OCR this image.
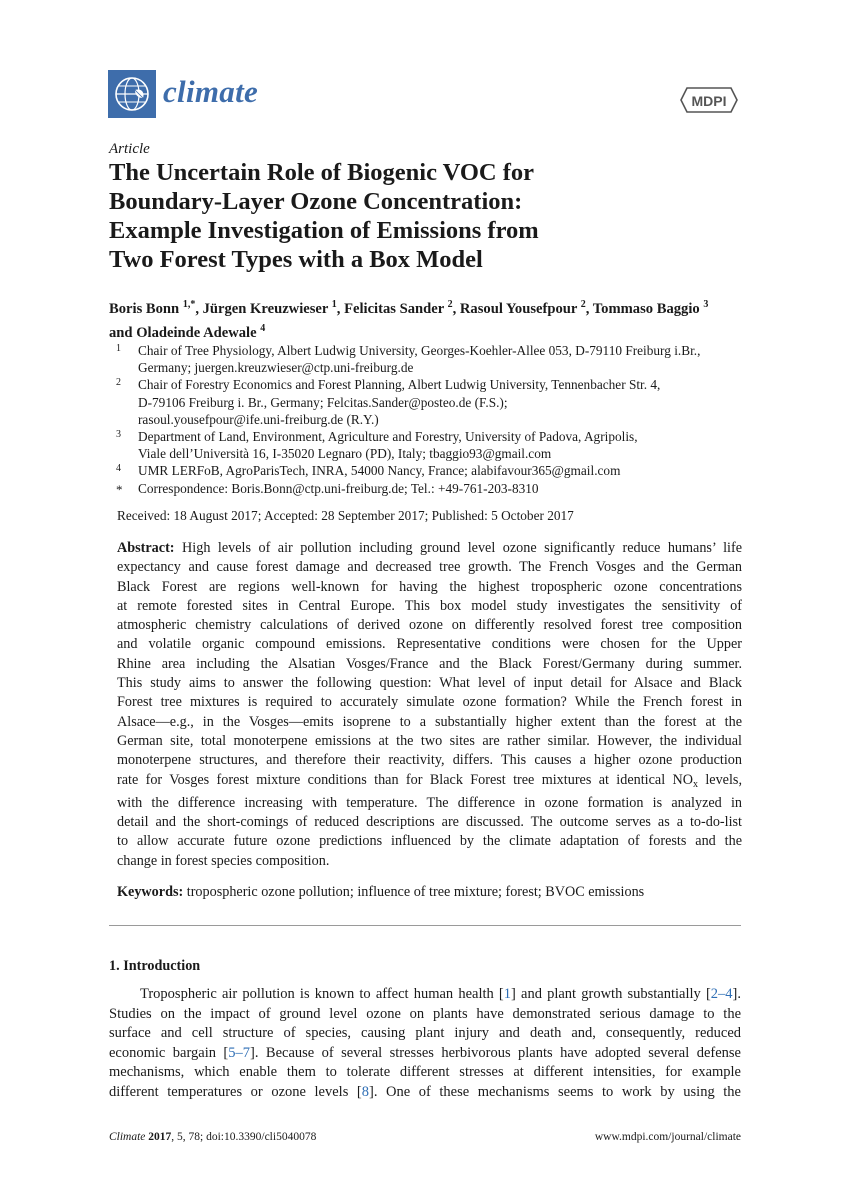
climate	MDPI
Article
The Uncertain Role of Biogenic VOC for
Boundary-Layer Ozone Concentration:
Example Investigation of Emissions from
Two Forest Types with a Box Model
Boris Bonn $^{1,*}$, Jürgen Kreuzwieser $^1$, Felicitas Sander $^2$, Rasoul Yousefpour $^2$, Tommaso Baggio $^3$
and Oladeinde Adewale $^4$
1 Chair of Tree Physiology, Albert Ludwig University, Georges-Koehler-Allee 053, D-79110 Freiburg i.Br.,
Germany; juergen.kreuzwieser@ctp.uni-freiburg.de
2 Chair of Forestry Economics and Forest Planning, Albert Ludwig University, Tennenbacher Str. 4,
D-79106 Freiburg i. Br., Germany; Felcitas.Sander@posteo.de (F.S.);
rasoul.yousefpour@ife.uni-freiburg.de (R.Y.)
3 Department of Land, Environment, Agriculture and Forestry, University of Padova, Agripolis,
Viale dell’Università 16, I-35020 Legnaro (PD), Italy; tbaggio93@gmail.com
4 UMR LERFoB, AgroParisTech, INRA, 54000 Nancy, France; alabifavour365@gmail.com
* Correspondence: Boris.Bonn@ctp.uni-freiburg.de; Tel.: +49-761-203-8310
Received: 18 August 2017; Accepted: 28 September 2017; Published: 5 October 2017
Abstract: High levels of air pollution including ground level ozone significantly reduce humans’ life
expectancy and cause forest damage and decreased tree growth. The French Vosges and the German
Black Forest are regions well-known for having the highest tropospheric ozone concentrations
at remote forested sites in Central Europe. This box model study investigates the sensitivity of
atmospheric chemistry calculations of derived ozone on differently resolved forest tree composition
and volatile organic compound emissions. Representative conditions were chosen for the Upper
Rhine area including the Alsatian Vosges/France and the Black Forest/Germany during summer.
This study aims to answer the following question: What level of input detail for Alsace and Black
Forest tree mixtures is required to accurately simulate ozone formation? While the French forest in
Alsace—e.g., in the Vosges—emits isoprene to a substantially higher extent than the forest at the
German site, total monoterpene emissions at the two sites are rather similar. However, the individual
monoterpene structures, and therefore their reactivity, differs. This causes a higher ozone production
rate for Vosges forest mixture conditions than for Black Forest tree mixtures at identical $NO_x$ levels,
with the difference increasing with temperature. The difference in ozone formation is analyzed in
detail and the short-comings of reduced descriptions are discussed. The outcome serves as a to-do-list
to allow accurate future ozone predictions influenced by the climate adaptation of forests and the
change in forest species composition.
Keywords: tropospheric ozone pollution; influence of tree mixture; forest; BVOC emissions
1. Introduction
Tropospheric air pollution is known to affect human health [1] and plant growth substantially [2–4].
Studies on the impact of ground level ozone on plants have demonstrated serious damage to the
surface and cell structure of species, causing plant injury and death and, consequently, reduced
economic bargain [5–7]. Because of several stresses herbivorous plants have adopted several defense
mechanisms, which enable them to tolerate different stresses at different intensities, for example
different temperatures or ozone levels [8]. One of these mechanisms seems to work by using the
Climate 2017, 5, 78; doi:10.3390/cli5040078	www.mdpi.com/journal/climate
